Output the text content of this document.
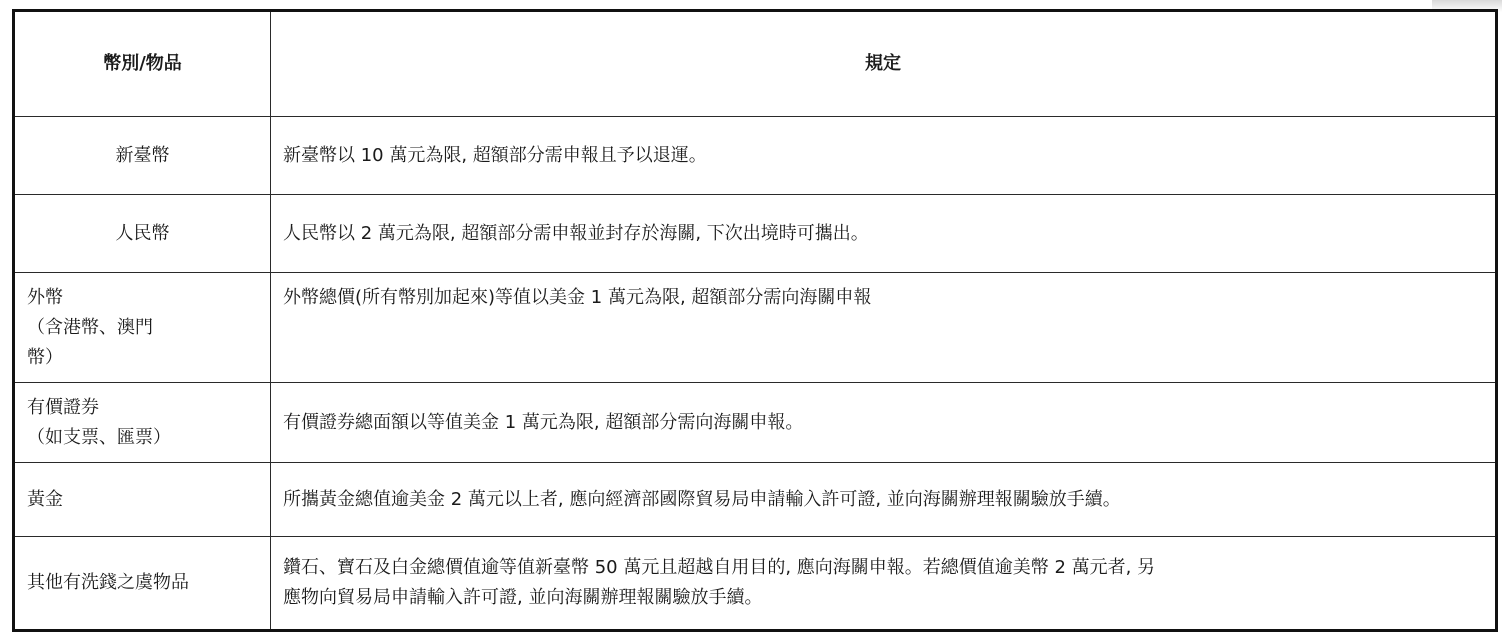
幣別/物品	規定
新臺幣	新臺幣以 10 萬元為限, 超額部分需申報且予以退運。
人民幣	人民幣以 2 萬元為限, 超額部分需申報並封存於海關, 下次出境時可攜出。

外幣
（含港幣、澳門
幣）	外幣總價(所有幣別加起來)等值以美金 1 萬元為限, 超額部分需向海關申報

有價證券
（如支票、匯票）	有價證券總面額以等值美金 1 萬元為限, 超額部分需向海關申報。
黃金	所攜黃金總值逾美金 2 萬元以上者, 應向經濟部國際貿易局申請輸入許可證, 並向海關辦理報關驗放手續。
其他有洗錢之虞物品	鑽石、寶石及白金總價值逾等值新臺幣 50 萬元且超越自用目的, 應向海關申報。若總價值逾美幣 2 萬元者, 另
應物向貿易局申請輸入許可證, 並向海關辦理報關驗放手續。
